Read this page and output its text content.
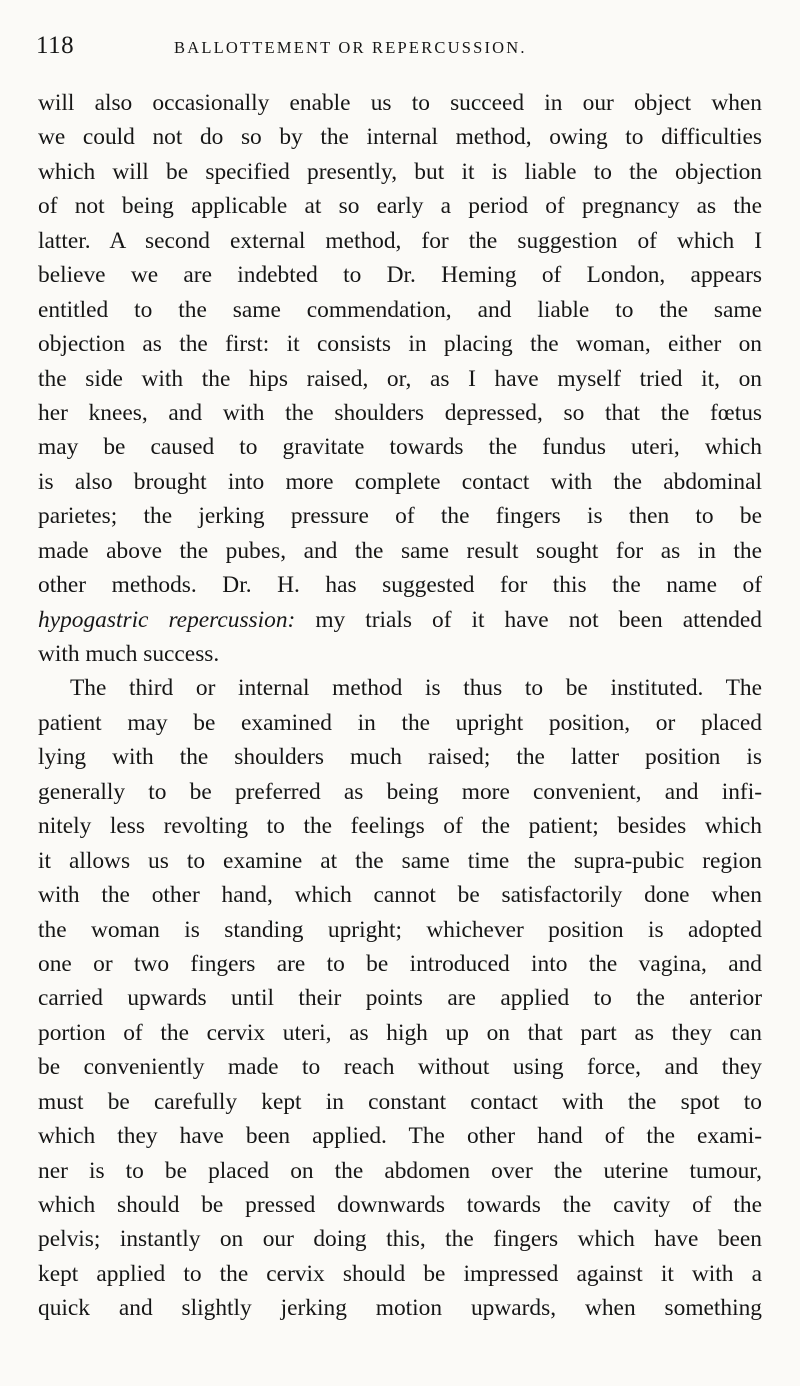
118	BALLOTTEMENT OR REPERCUSSION.
will also occasionally enable us to succeed in our object when
we could not do so by the internal method, owing to difficulties
which will be specified presently, but it is liable to the objection
of not being applicable at so early a period of pregnancy as the
latter. A second external method, for the suggestion of which I
believe we are indebted to Dr. Heming of London, appears
entitled to the same commendation, and liable to the same
objection as the first: it consists in placing the woman, either on
the side with the hips raised, or, as I have myself tried it, on
her knees, and with the shoulders depressed, so that the fœtus
may be caused to gravitate towards the fundus uteri, which
is also brought into more complete contact with the abdominal
parietes; the jerking pressure of the fingers is then to be
made above the pubes, and the same result sought for as in the
other methods. Dr. H. has suggested for this the name of
hypogastric repercussion: my trials of it have not been attended
with much success.
The third or internal method is thus to be instituted. The
patient may be examined in the upright position, or placed
lying with the shoulders much raised; the latter position is
generally to be preferred as being more convenient, and infi-
nitely less revolting to the feelings of the patient; besides which
it allows us to examine at the same time the supra-pubic region
with the other hand, which cannot be satisfactorily done when
the woman is standing upright; whichever position is adopted
one or two fingers are to be introduced into the vagina, and
carried upwards until their points are applied to the anterior
portion of the cervix uteri, as high up on that part as they can
be conveniently made to reach without using force, and they
must be carefully kept in constant contact with the spot to
which they have been applied. The other hand of the exami-
ner is to be placed on the abdomen over the uterine tumour,
which should be pressed downwards towards the cavity of the
pelvis; instantly on our doing this, the fingers which have been
kept applied to the cervix should be impressed against it with a
quick and slightly jerking motion upwards, when something
